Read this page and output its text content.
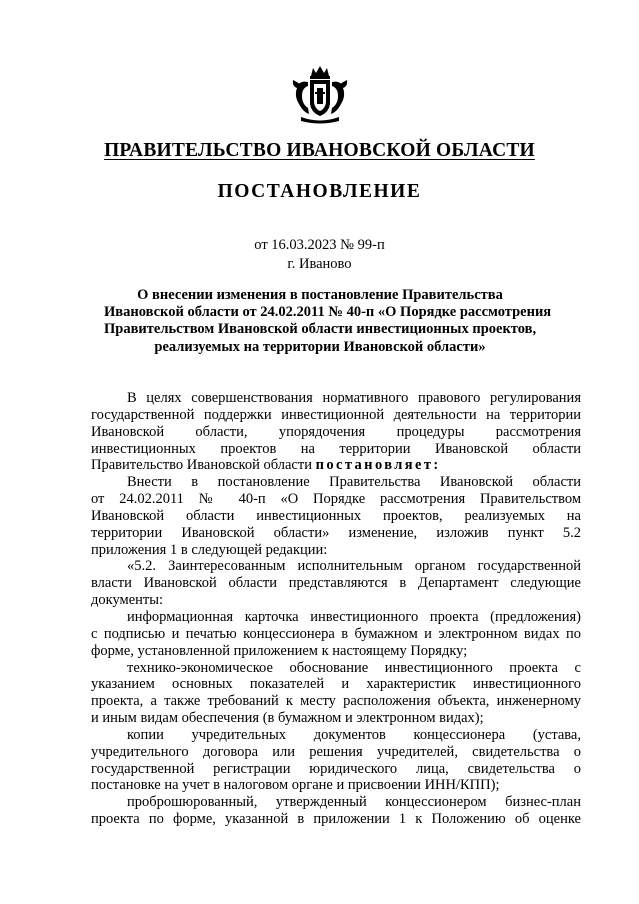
ПРАВИТЕЛЬСТВО ИВАНОВСКОЙ ОБЛАСТИ
ПОСТАНОВЛЕНИЕ
от 16.03.2023 № 99-п
г. Иваново
О внесении изменения в постановление Правительства
Ивановской области от 24.02.2011 № 40-п «О Порядке рассмотрения
Правительством Ивановской области инвестиционных проектов,
реализуемых на территории Ивановской области»
В целях совершенствования нормативного правового регулирования
государственной поддержки инвестиционной деятельности на территории
Ивановской области, упорядочения процедуры рассмотрения
инвестиционных проектов на территории Ивановской области
Правительство Ивановской области постановляет:
Внести в постановление Правительства Ивановской области
от 24.02.2011 № 40-п «О Порядке рассмотрения Правительством
Ивановской области инвестиционных проектов, реализуемых на
территории Ивановской области» изменение, изложив пункт 5.2
приложения 1 в следующей редакции:
«5.2. Заинтересованным исполнительным органом государственной
власти Ивановской области представляются в Департамент следующие
документы:
информационная карточка инвестиционного проекта (предложения)
с подписью и печатью концессионера в бумажном и электронном видах по
форме, установленной приложением к настоящему Порядку;
технико-экономическое обоснование инвестиционного проекта с
указанием основных показателей и характеристик инвестиционного
проекта, а также требований к месту расположения объекта, инженерному
и иным видам обеспечения (в бумажном и электронном видах);
копии учредительных документов концессионера (устава,
учредительного договора или решения учредителей, свидетельства о
государственной регистрации юридического лица, свидетельства о
постановке на учет в налоговом органе и присвоении ИНН/КПП);
проброшюрованный, утвержденный концессионером бизнес-план
проекта по форме, указанной в приложении 1 к Положению об оценке
